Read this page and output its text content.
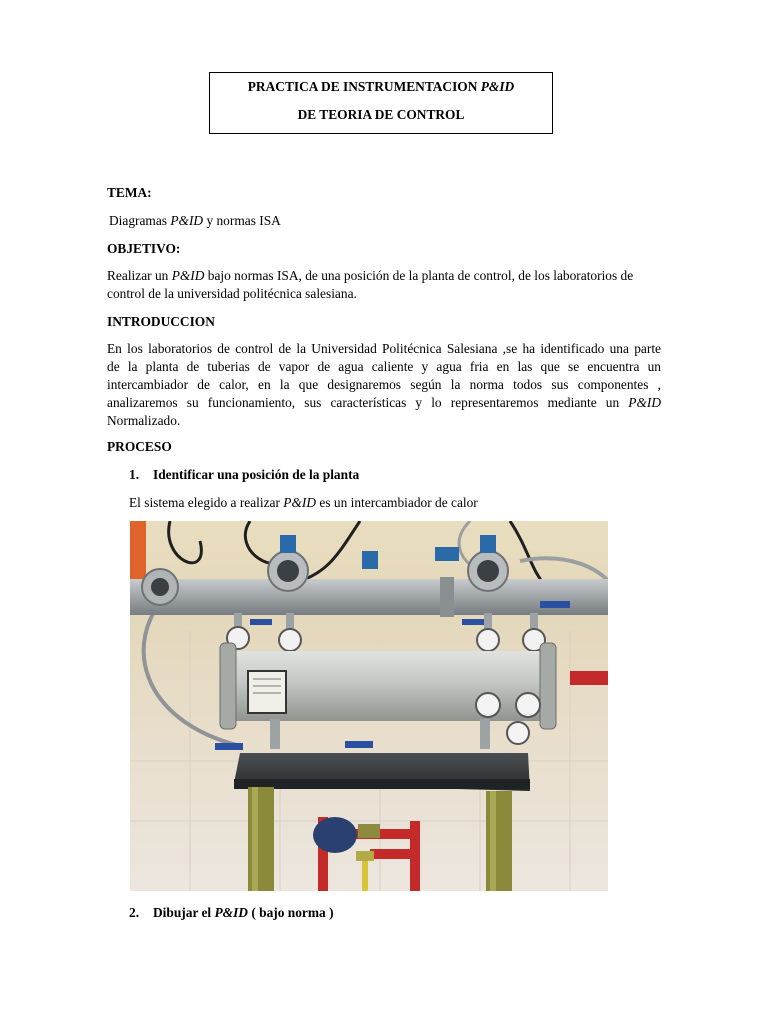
PRACTICA DE INSTRUMENTACION P&ID
DE TEORIA DE CONTROL
TEMA:
Diagramas P&ID y normas ISA
OBJETIVO:
Realizar un P&ID bajo normas ISA, de una posición de la planta de control, de los laboratorios de
control de la universidad politécnica salesiana.
INTRODUCCION
En los laboratorios de control de la Universidad Politécnica Salesiana ,se ha identificado una parte
de la planta de tuberias de vapor de agua caliente y agua fria en las que se encuentra un
intercambiador de calor, en la que designaremos según la norma todos sus componentes ,
analizaremos su funcionamiento, sus características y lo representaremos mediante un P&ID
Normalizado.
PROCESO
1. Identificar una posición de la planta
El sistema elegido a realizar P&ID es un intercambiador de calor
2. Dibujar el P&ID ( bajo norma )
